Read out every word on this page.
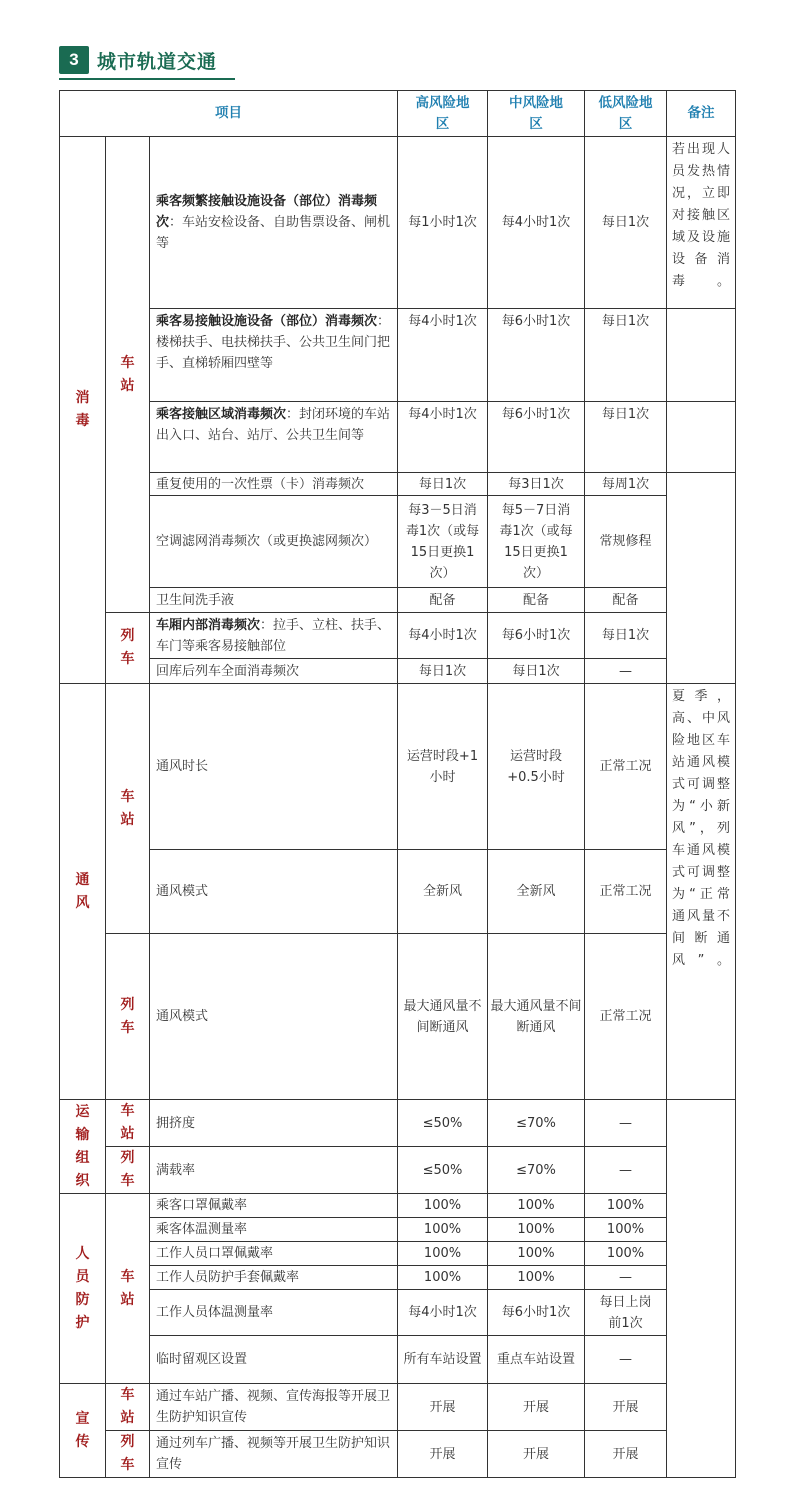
3 城市轨道交通
项目			高风险地区	中风险地区	低风险地区	备注
消毒	车站	乘客频繁接触设施设备（部位）消毒频次：车站安检设备、自助售票设备、闸机等	每1小时1次	每4小时1次	每日1次	若出现人员发热情况，立即对接触区域及设施设备消毒。
		乘客易接触设施设备（部位）消毒频次：楼梯扶手、电扶梯扶手、公共卫生间门把手、直梯轿厢四壁等	每4小时1次	每6小时1次	每日1次	
		乘客接触区域消毒频次：封闭环境的车站出入口、站台、站厅、公共卫生间等	每4小时1次	每6小时1次	每日1次	
		重复使用的一次性票（卡）消毒频次	每日1次	每3日1次	每周1次	
		空调滤网消毒频次（或更换滤网频次）	每3－5日消毒1次（或每15日更换1次）	每5－7日消毒1次（或每15日更换1次）	常规修程	
		卫生间洗手液	配备	配备	配备	
	列车	车厢内部消毒频次：拉手、立柱、扶手、车门等乘客易接触部位	每4小时1次	每6小时1次	每日1次	
		回库后列车全面消毒频次	每日1次	每日1次	—	
通风	车站	通风时长	运营时段+1小时	运营时段+0.5小时	正常工况	夏季，高、中风险地区车站通风模式可调整为“小新风”，列车通风模式可调整为“正常通风量不间断通风”。
		通风模式	全新风	全新风	正常工况	
	列车	通风模式	最大通风量不间断通风	最大通风量不间断通风	正常工况	
运输组织	车站	拥挤度	≤50%	≤70%	—	
	列车	满载率	≤50%	≤70%	—	
人员防护	车站	乘客口罩佩戴率	100%	100%	100%	
		乘客体温测量率	100%	100%	100%	
		工作人员口罩佩戴率	100%	100%	100%	
		工作人员防护手套佩戴率	100%	100%	—	
		工作人员体温测量率	每4小时1次	每6小时1次	每日上岗前1次	
		临时留观区设置	所有车站设置	重点车站设置	—	
宣传	车站	通过车站广播、视频、宣传海报等开展卫生防护知识宣传	开展	开展	开展	
	列车	通过列车广播、视频等开展卫生防护知识宣传	开展	开展	开展	
